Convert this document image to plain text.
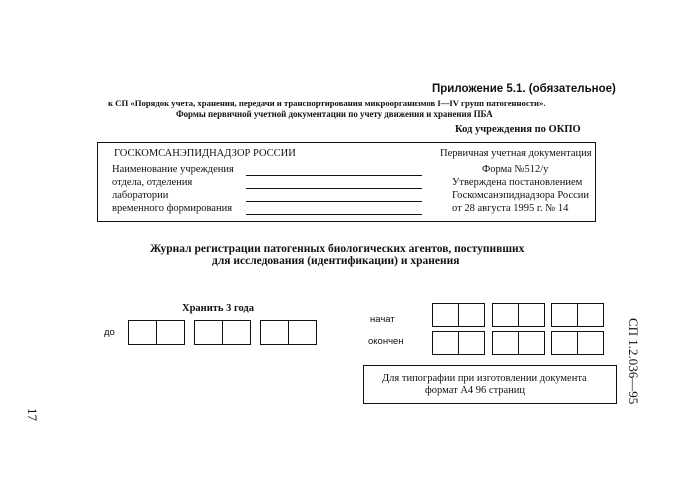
Приложение 5.1. (обязательное)
к СП «Порядок учета, хранения, передачи и транспортирования микроорганизмов I—IV групп патогенности».
Формы первичной учетной документации по учету движения и хранения ПБА
Код учреждения по ОКПО
ГОСКОМСАНЭПИДНАДЗОР РОССИИ	Первичная учетная документация
Наименование учреждения
отдела, отделения
лаборатории
временного формирования
Форма №512/у
Утверждена постановлением
Госкомсанэпиднадзора России
от 28 августа 1995 г. № 14
Журнал регистрации патогенных биологических агентов, поступивших
для исследования (идентификации) и хранения
Хранить 3 года
до
начат
окончен
Для типографии при изготовлении документа
формат А4 96 страниц
17
СП 1.2.036—95
